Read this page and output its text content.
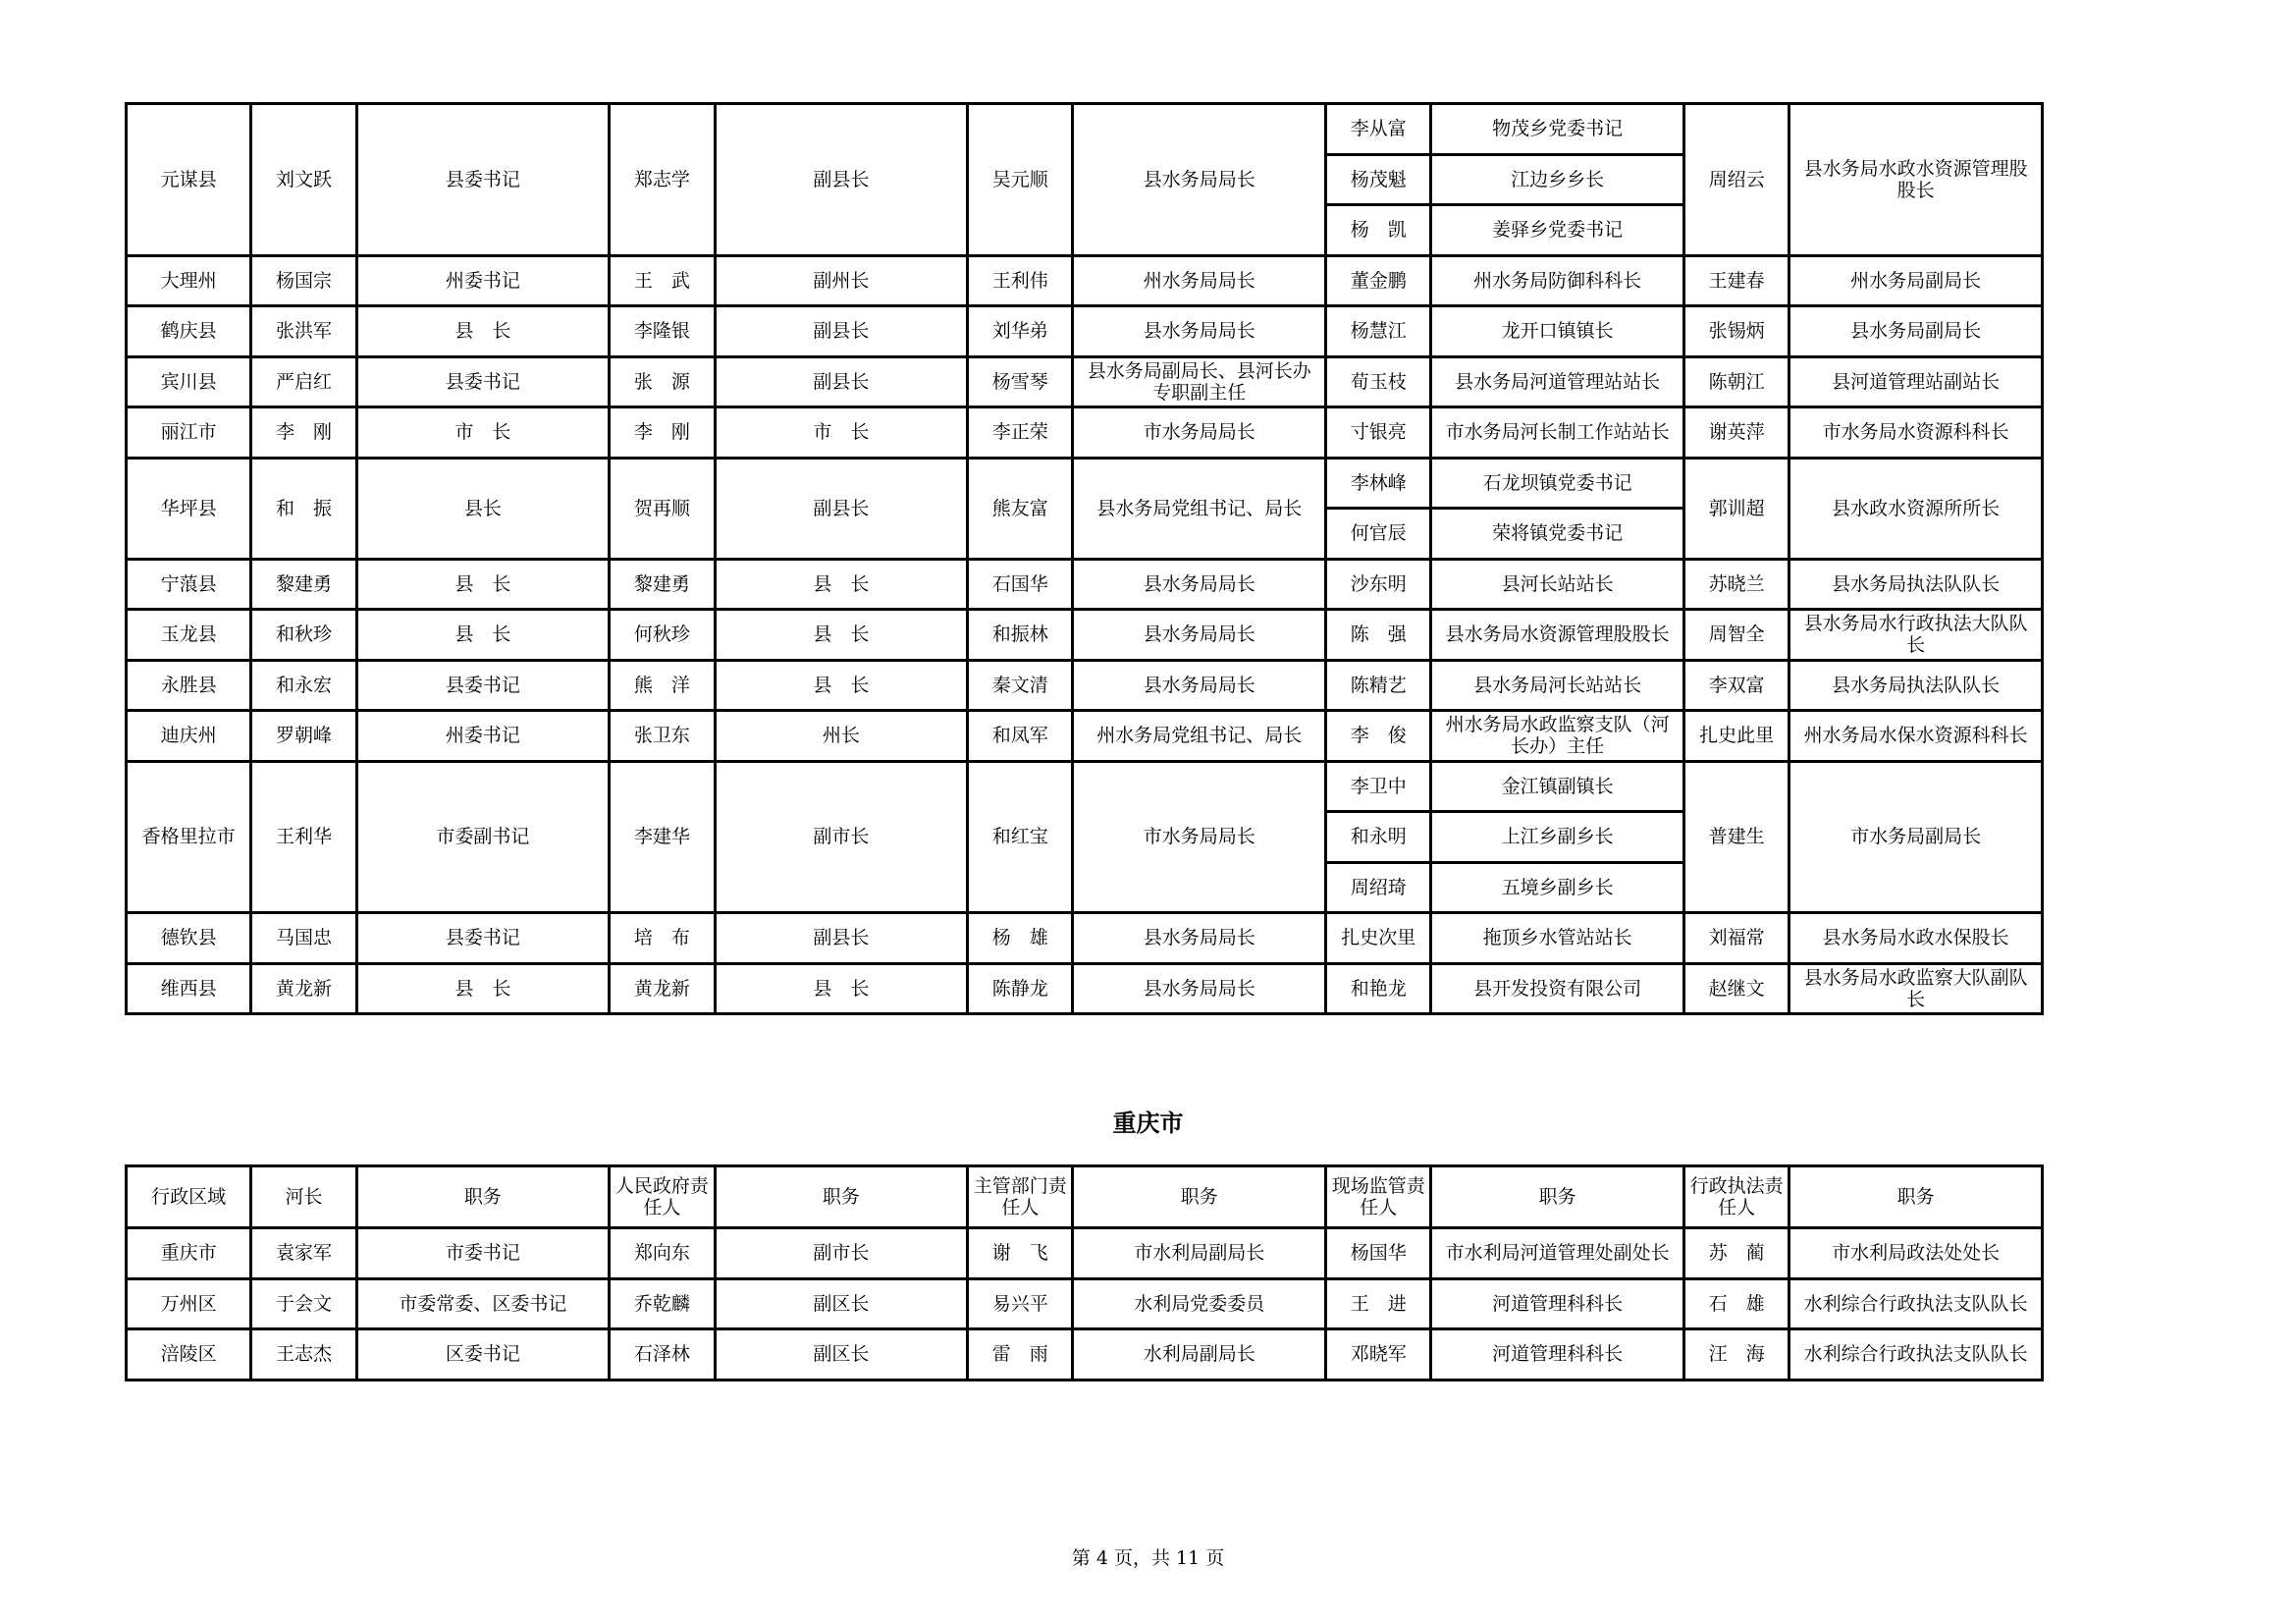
元谋县	刘文跃	县委书记	郑志学	副县长	吴元顺	县水务局局长	李从富	物茂乡党委书记	周绍云	县水务局水政水资源管理股股长
							杨茂魁	江边乡乡长		
							杨　凯	姜驿乡党委书记		
大理州	杨国宗	州委书记	王　武	副州长	王利伟	州水务局局长	董金鹏	州水务局防御科科长	王建春	州水务局副局长
鹤庆县	张洪军	县　长	李隆银	副县长	刘华弟	县水务局局长	杨慧江	龙开口镇镇长	张锡炳	县水务局副局长
宾川县	严启红	县委书记	张　源	副县长	杨雪琴	县水务局副局长、县河长办专职副主任	荀玉枝	县水务局河道管理站站长	陈朝江	县河道管理站副站长
丽江市	李　刚	市　长	李　刚	市　长	李正荣	市水务局局长	寸银亮	市水务局河长制工作站站长	谢英萍	市水务局水资源科科长
华坪县	和　振	县长	贺再顺	副县长	熊友富	县水务局党组书记、局长	李林峰	石龙坝镇党委书记	郭训超	县水政水资源所所长
							何官辰	荣将镇党委书记		
宁蒗县	黎建勇	县　长	黎建勇	县　长	石国华	县水务局局长	沙东明	县河长站站长	苏晓兰	县水务局执法队队长
玉龙县	和秋珍	县　长	何秋珍	县　长	和振林	县水务局局长	陈　强	县水务局水资源管理股股长	周智全	县水务局水行政执法大队队长
永胜县	和永宏	县委书记	熊　洋	县　长	秦文清	县水务局局长	陈精艺	县水务局河长站站长	李双富	县水务局执法队队长
迪庆州	罗朝峰	州委书记	张卫东	州长	和凤军	州水务局党组书记、局长	李　俊	州水务局水政监察支队（河长办）主任	扎史此里	州水务局水保水资源科科长
香格里拉市	王利华	市委副书记	李建华	副市长	和红宝	市水务局局长	李卫中	金江镇副镇长	普建生	市水务局副局长
							和永明	上江乡副乡长		
							周绍琦	五境乡副乡长		
德钦县	马国忠	县委书记	培　布	副县长	杨　雄	县水务局局长	扎史次里	拖顶乡水管站站长	刘福常	县水务局水政水保股长
维西县	黄龙新	县　长	黄龙新	县　长	陈静龙	县水务局局长	和艳龙	县开发投资有限公司	赵继文	县水务局水政监察大队副队长
重庆市
行政区域	河长	职务	人民政府责任人	职务	主管部门责任人	职务	现场监管责任人	职务	行政执法责任人	职务
重庆市	袁家军	市委书记	郑向东	副市长	谢　飞	市水利局副局长	杨国华	市水利局河道管理处副处长	苏　蔺	市水利局政法处处长
万州区	于会文	市委常委、区委书记	乔乾麟	副区长	易兴平	水利局党委委员	王　进	河道管理科科长	石　雄	水利综合行政执法支队队长
涪陵区	王志杰	区委书记	石泽林	副区长	雷　雨	水利局副局长	邓晓军	河道管理科科长	汪　海	水利综合行政执法支队队长
第 4 页，共 11 页
